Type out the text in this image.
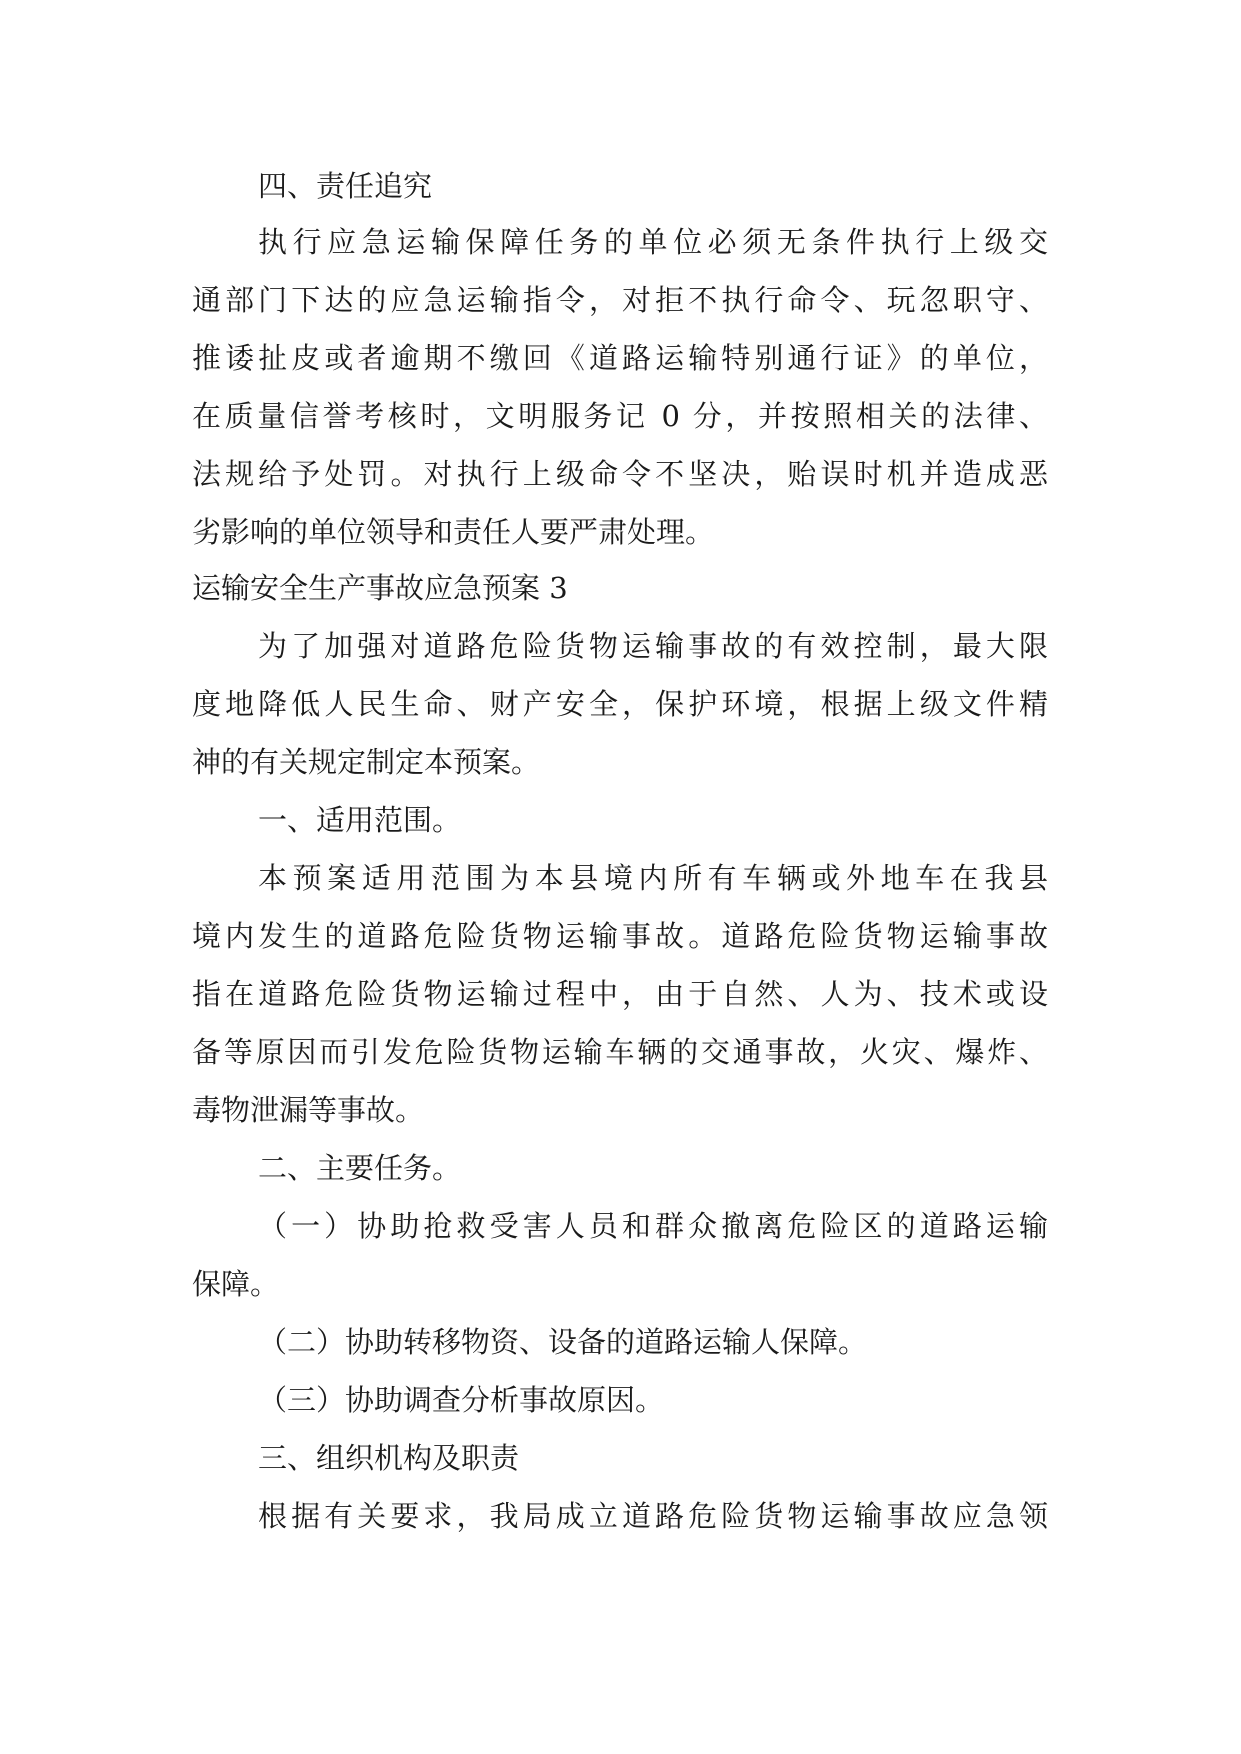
四、责任追究

执行应急运输保障任务的单位必须无条件执行上级交

通部门下达的应急运输指令，对拒不执行命令、玩忽职守、

推诿扯皮或者逾期不缴回《道路运输特别通行证》的单位，

在质量信誉考核时，文明服务记 0 分，并按照相关的法律、

法规给予处罚。对执行上级命令不坚决，贻误时机并造成恶

劣影响的单位领导和责任人要严肃处理。

运输安全生产事故应急预案 3

为了加强对道路危险货物运输事故的有效控制，最大限

度地降低人民生命、财产安全，保护环境，根据上级文件精

神的有关规定制定本预案。

一、适用范围。

本预案适用范围为本县境内所有车辆或外地车在我县

境内发生的道路危险货物运输事故。道路危险货物运输事故

指在道路危险货物运输过程中，由于自然、人为、技术或设

备等原因而引发危险货物运输车辆的交通事故，火灾、爆炸、

毒物泄漏等事故。

二、主要任务。

（一）协助抢救受害人员和群众撤离危险区的道路运输

保障。

（二）协助转移物资、设备的道路运输人保障。

（三）协助调查分析事故原因。

三、组织机构及职责

根据有关要求，我局成立道路危险货物运输事故应急领
